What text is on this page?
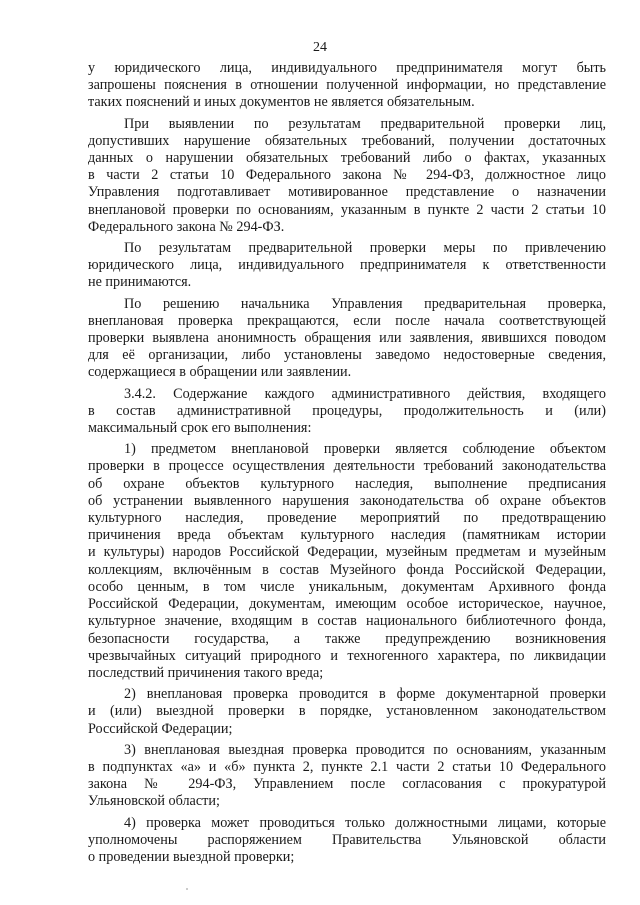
24

у юридического лица, индивидуального предпринимателя могут быть
запрошены пояснения в отношении полученной информации, но представление
таких пояснений и иных документов не является обязательным.

При выявлении по результатам предварительной проверки лиц,
допустивших нарушение обязательных требований, получении достаточных
данных о нарушении обязательных требований либо о фактах, указанных
в части 2 статьи 10 Федерального закона № 294-ФЗ, должностное лицо
Управления подготавливает мотивированное представление о назначении
внеплановой проверки по основаниям, указанным в пункте 2 части 2 статьи 10
Федерального закона № 294-ФЗ.

По результатам предварительной проверки меры по привлечению
юридического лица, индивидуального предпринимателя к ответственности
не принимаются.

По решению начальника Управления предварительная проверка,
внеплановая проверка прекращаются, если после начала соответствующей
проверки выявлена анонимность обращения или заявления, явившихся поводом
для её организации, либо установлены заведомо недостоверные сведения,
содержащиеся в обращении или заявлении.

3.4.2. Содержание каждого административного действия, входящего
в состав административной процедуры, продолжительность и (или)
максимальный срок его выполнения:

1) предметом внеплановой проверки является соблюдение объектом
проверки в процессе осуществления деятельности требований законодательства
об охране объектов культурного наследия, выполнение предписания
об устранении выявленного нарушения законодательства об охране объектов
культурного наследия, проведение мероприятий по предотвращению
причинения вреда объектам культурного наследия (памятникам истории
и культуры) народов Российской Федерации, музейным предметам и музейным
коллекциям, включённым в состав Музейного фонда Российской Федерации,
особо ценным, в том числе уникальным, документам Архивного фонда
Российской Федерации, документам, имеющим особое историческое, научное,
культурное значение, входящим в состав национального библиотечного фонда,
безопасности государства, а также предупреждению возникновения
чрезвычайных ситуаций природного и техногенного характера, по ликвидации
последствий причинения такого вреда;

2) внеплановая проверка проводится в форме документарной проверки
и (или) выездной проверки в порядке, установленном законодательством
Российской Федерации;

3) внеплановая выездная проверка проводится по основаниям, указанным
в подпунктах «а» и «б» пункта 2, пункте 2.1 части 2 статьи 10 Федерального
закона № 294-ФЗ, Управлением после согласования с прокуратурой
Ульяновской области;

4) проверка может проводиться только должностными лицами, которые
уполномочены распоряжением Правительства Ульяновской области
о проведении выездной проверки;
